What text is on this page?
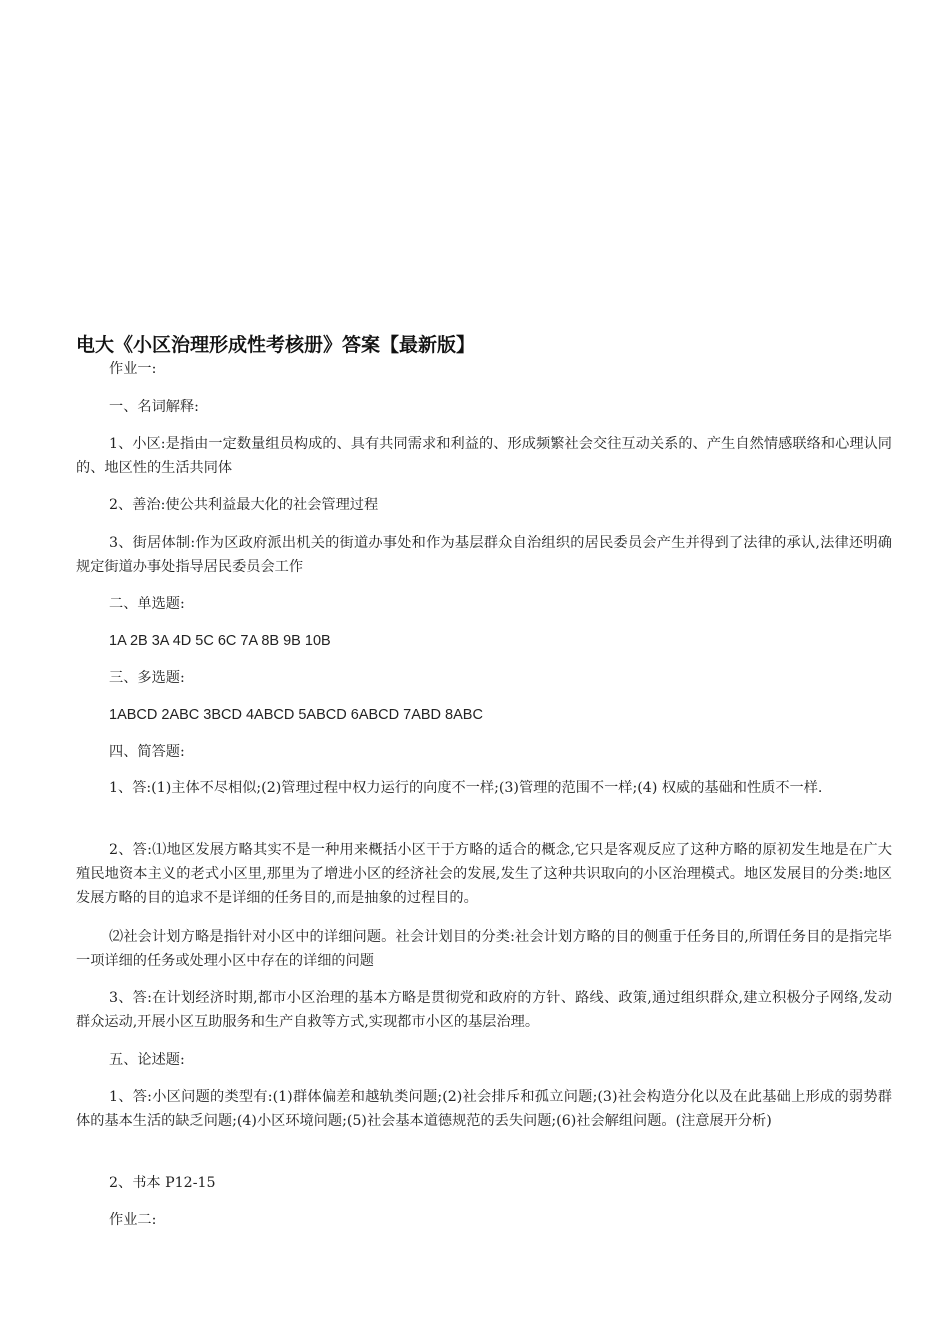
电大《小区治理形成性考核册》答案【最新版】

作业一:

一、名词解释:

1、小区:是指由一定数量组员构成的、具有共同需求和利益的、形成频繁社会交往互动关系的、产生自然情感联络和心理认同的、地区性的生活共同体

2、善治:使公共利益最大化的社会管理过程

3、街居体制:作为区政府派出机关的街道办事处和作为基层群众自治组织的居民委员会产生并得到了法律的承认,法律还明确规定街道办事处指导居民委员会工作

二、单选题:

1A 2B 3A 4D 5C 6C 7A 8B 9B 10B

三、多选题:

1ABCD 2ABC 3BCD 4ABCD 5ABCD 6ABCD 7ABD 8ABC

四、简答题:

1、答:(1)主体不尽相似;(2)管理过程中权力运行的向度不一样;(3)管理的范围不一样;(4) 权威的基础和性质不一样.

2、答:⑴地区发展方略其实不是一种用来概括小区干于方略的适合的概念,它只是客观反应了这种方略的原初发生地是在广大殖民地资本主义的老式小区里,那里为了增进小区的经济社会的发展,发生了这种共识取向的小区治理模式。地区发展目的分类:地区发展方略的目的追求不是详细的任务目的,而是抽象的过程目的。

⑵社会计划方略是指针对小区中的详细问题。社会计划目的分类:社会计划方略的目的侧重于任务目的,所谓任务目的是指完毕一项详细的任务或处理小区中存在的详细的问题

3、答:在计划经济时期,都市小区治理的基本方略是贯彻党和政府的方针、路线、政策,通过组织群众,建立积极分子网络,发动群众运动,开展小区互助服务和生产自救等方式,实现都市小区的基层治理。

五、论述题:

1、答:小区问题的类型有:(1)群体偏差和越轨类问题;(2)社会排斥和孤立问题;(3)社会构造分化以及在此基础上形成的弱势群体的基本生活的缺乏问题;(4)小区环境问题;(5)社会基本道德规范的丢失问题;(6)社会解组问题。(注意展开分析)

2、书本 P12-15

作业二:
